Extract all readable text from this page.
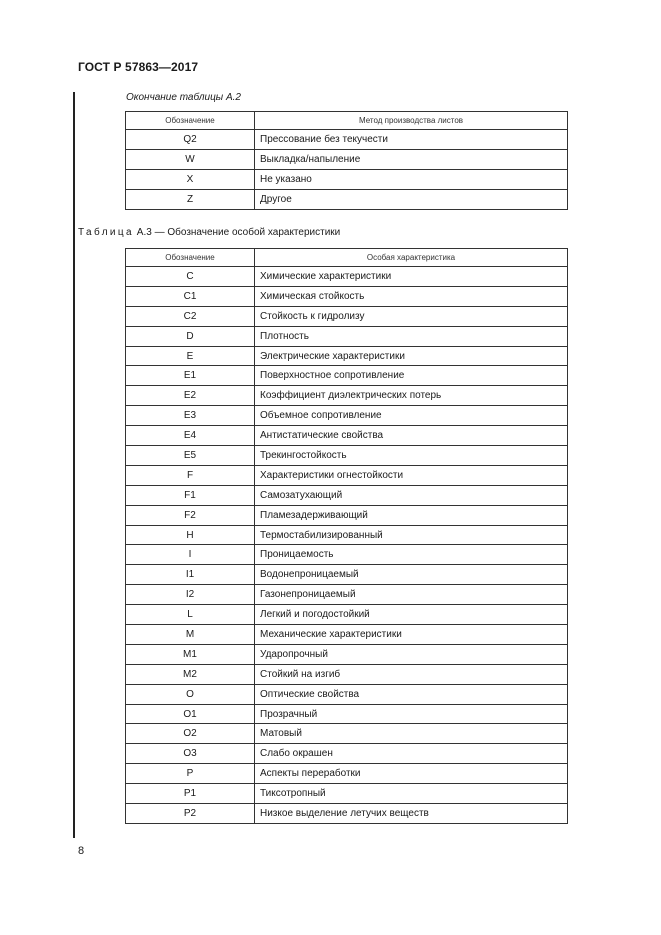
ГОСТ Р 57863—2017
Окончание таблицы А.2
Обозначение	Метод производства листов
Q2	Прессование без текучести
W	Выкладка/напыление
X	Не указано
Z	Другое
Таблица А.3 — Обозначение особой характеристики
Обозначение	Особая характеристика
C	Химические характеристики
C1	Химическая стойкость
C2	Стойкость к гидролизу
D	Плотность
E	Электрические характеристики
E1	Поверхностное сопротивление
E2	Коэффициент диэлектрических потерь
E3	Объемное сопротивление
E4	Антистатические свойства
E5	Трекингостойкость
F	Характеристики огнестойкости
F1	Самозатухающий
F2	Пламезадерживающий
H	Термостабилизированный
I	Проницаемость
I1	Водонепроницаемый
I2	Газонепроницаемый
L	Легкий и погодостойкий
M	Механические характеристики
M1	Ударопрочный
M2	Стойкий на изгиб
O	Оптические свойства
O1	Прозрачный
O2	Матовый
O3	Слабо окрашен
P	Аспекты переработки
P1	Тиксотропный
P2	Низкое выделение летучих веществ
8
